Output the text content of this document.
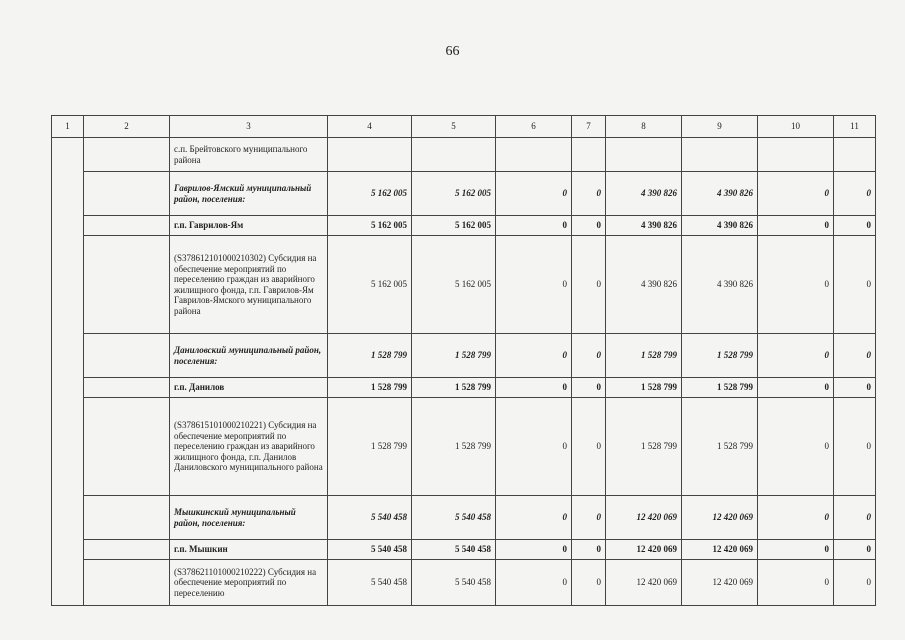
66
1	2	3	4	5	6	7	8	9	10	11
		с.п. Брейтовского муниципального района								
		Гаврилов-Ямский муниципальный район, поселения:	5 162 005	5 162 005	0	0	4 390 826	4 390 826	0	0
		г.п. Гаврилов-Ям	5 162 005	5 162 005	0	0	4 390 826	4 390 826	0	0
		(S378612101000210302) Субсидия на обеспечение мероприятий по переселению граждан из аварийного жилищного фонда, г.п. Гаврилов-Ям Гаврилов-Ямского муниципального района	5 162 005	5 162 005	0	0	4 390 826	4 390 826	0	0
		Даниловский муниципальный район, поселения:	1 528 799	1 528 799	0	0	1 528 799	1 528 799	0	0
		г.п. Данилов	1 528 799	1 528 799	0	0	1 528 799	1 528 799	0	0
		(S378615101000210221) Субсидия на обеспечение мероприятий по переселению граждан из аварийного жилищного фонда, г.п. Данилов Даниловского муниципального района	1 528 799	1 528 799	0	0	1 528 799	1 528 799	0	0
		Мышкинский муниципальный район, поселения:	5 540 458	5 540 458	0	0	12 420 069	12 420 069	0	0
		г.п. Мышкин	5 540 458	5 540 458	0	0	12 420 069	12 420 069	0	0
		(S378621101000210222) Субсидия на обеспечение мероприятий по переселению	5 540 458	5 540 458	0	0	12 420 069	12 420 069	0	0
